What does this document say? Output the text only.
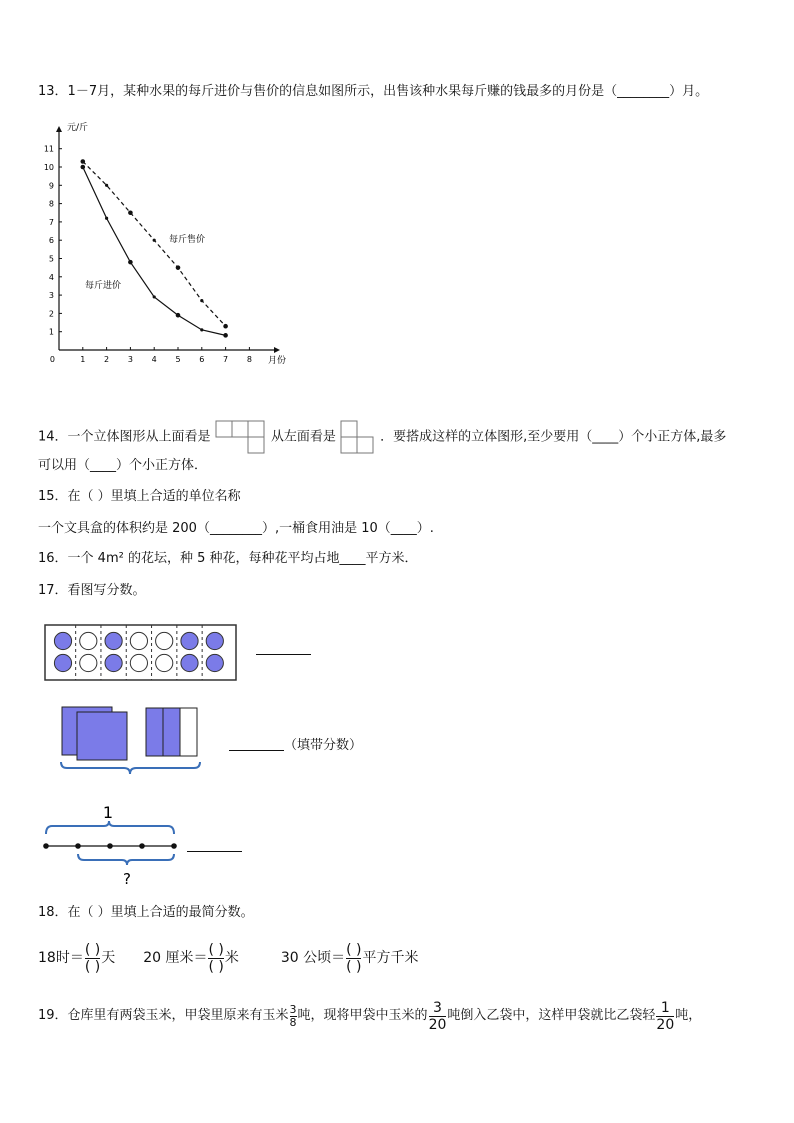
13．1－7月，某种水果的每斤进价与售价的信息如图所示，出售该种水果每斤赚的钱最多的月份是（________）月。
元/斤
月份
0	1 2 3 4 5 6 7 8
1
2
3
4
5
6
7
8
9
10
11
每斤售价
每斤进价
14．一个立体图形从上面看是	从左面看是	．要搭成这样的立体图形,至少要用（____）个小正方体,最多
可以用（____）个小正方体．
15．在（ ）里填上合适的单位名称
一个文具盒的体积约是 200（________）,一桶食用油是 10（____）.
16．一个 4m² 的花坛，种 5 种花，每种花平均占地____平方米．
17．看图写分数。
（填带分数）
1
?
18．在（ ）里填上合适的最简分数。
18时＝ $\frac{( )}{( )}$ 天 20 厘米＝ $\frac{( )}{( )}$ 米	30 公顷＝ $\frac{( )}{( )}$ 平方千米
19．仓库里有两袋玉米，甲袋里原来有玉米 $\frac{3}{8}$ 吨，现将甲袋中玉米的 $\frac{3}{20}$ 吨倒入乙袋中，这样甲袋就比乙袋轻 $\frac{1}{20}$ 吨，
